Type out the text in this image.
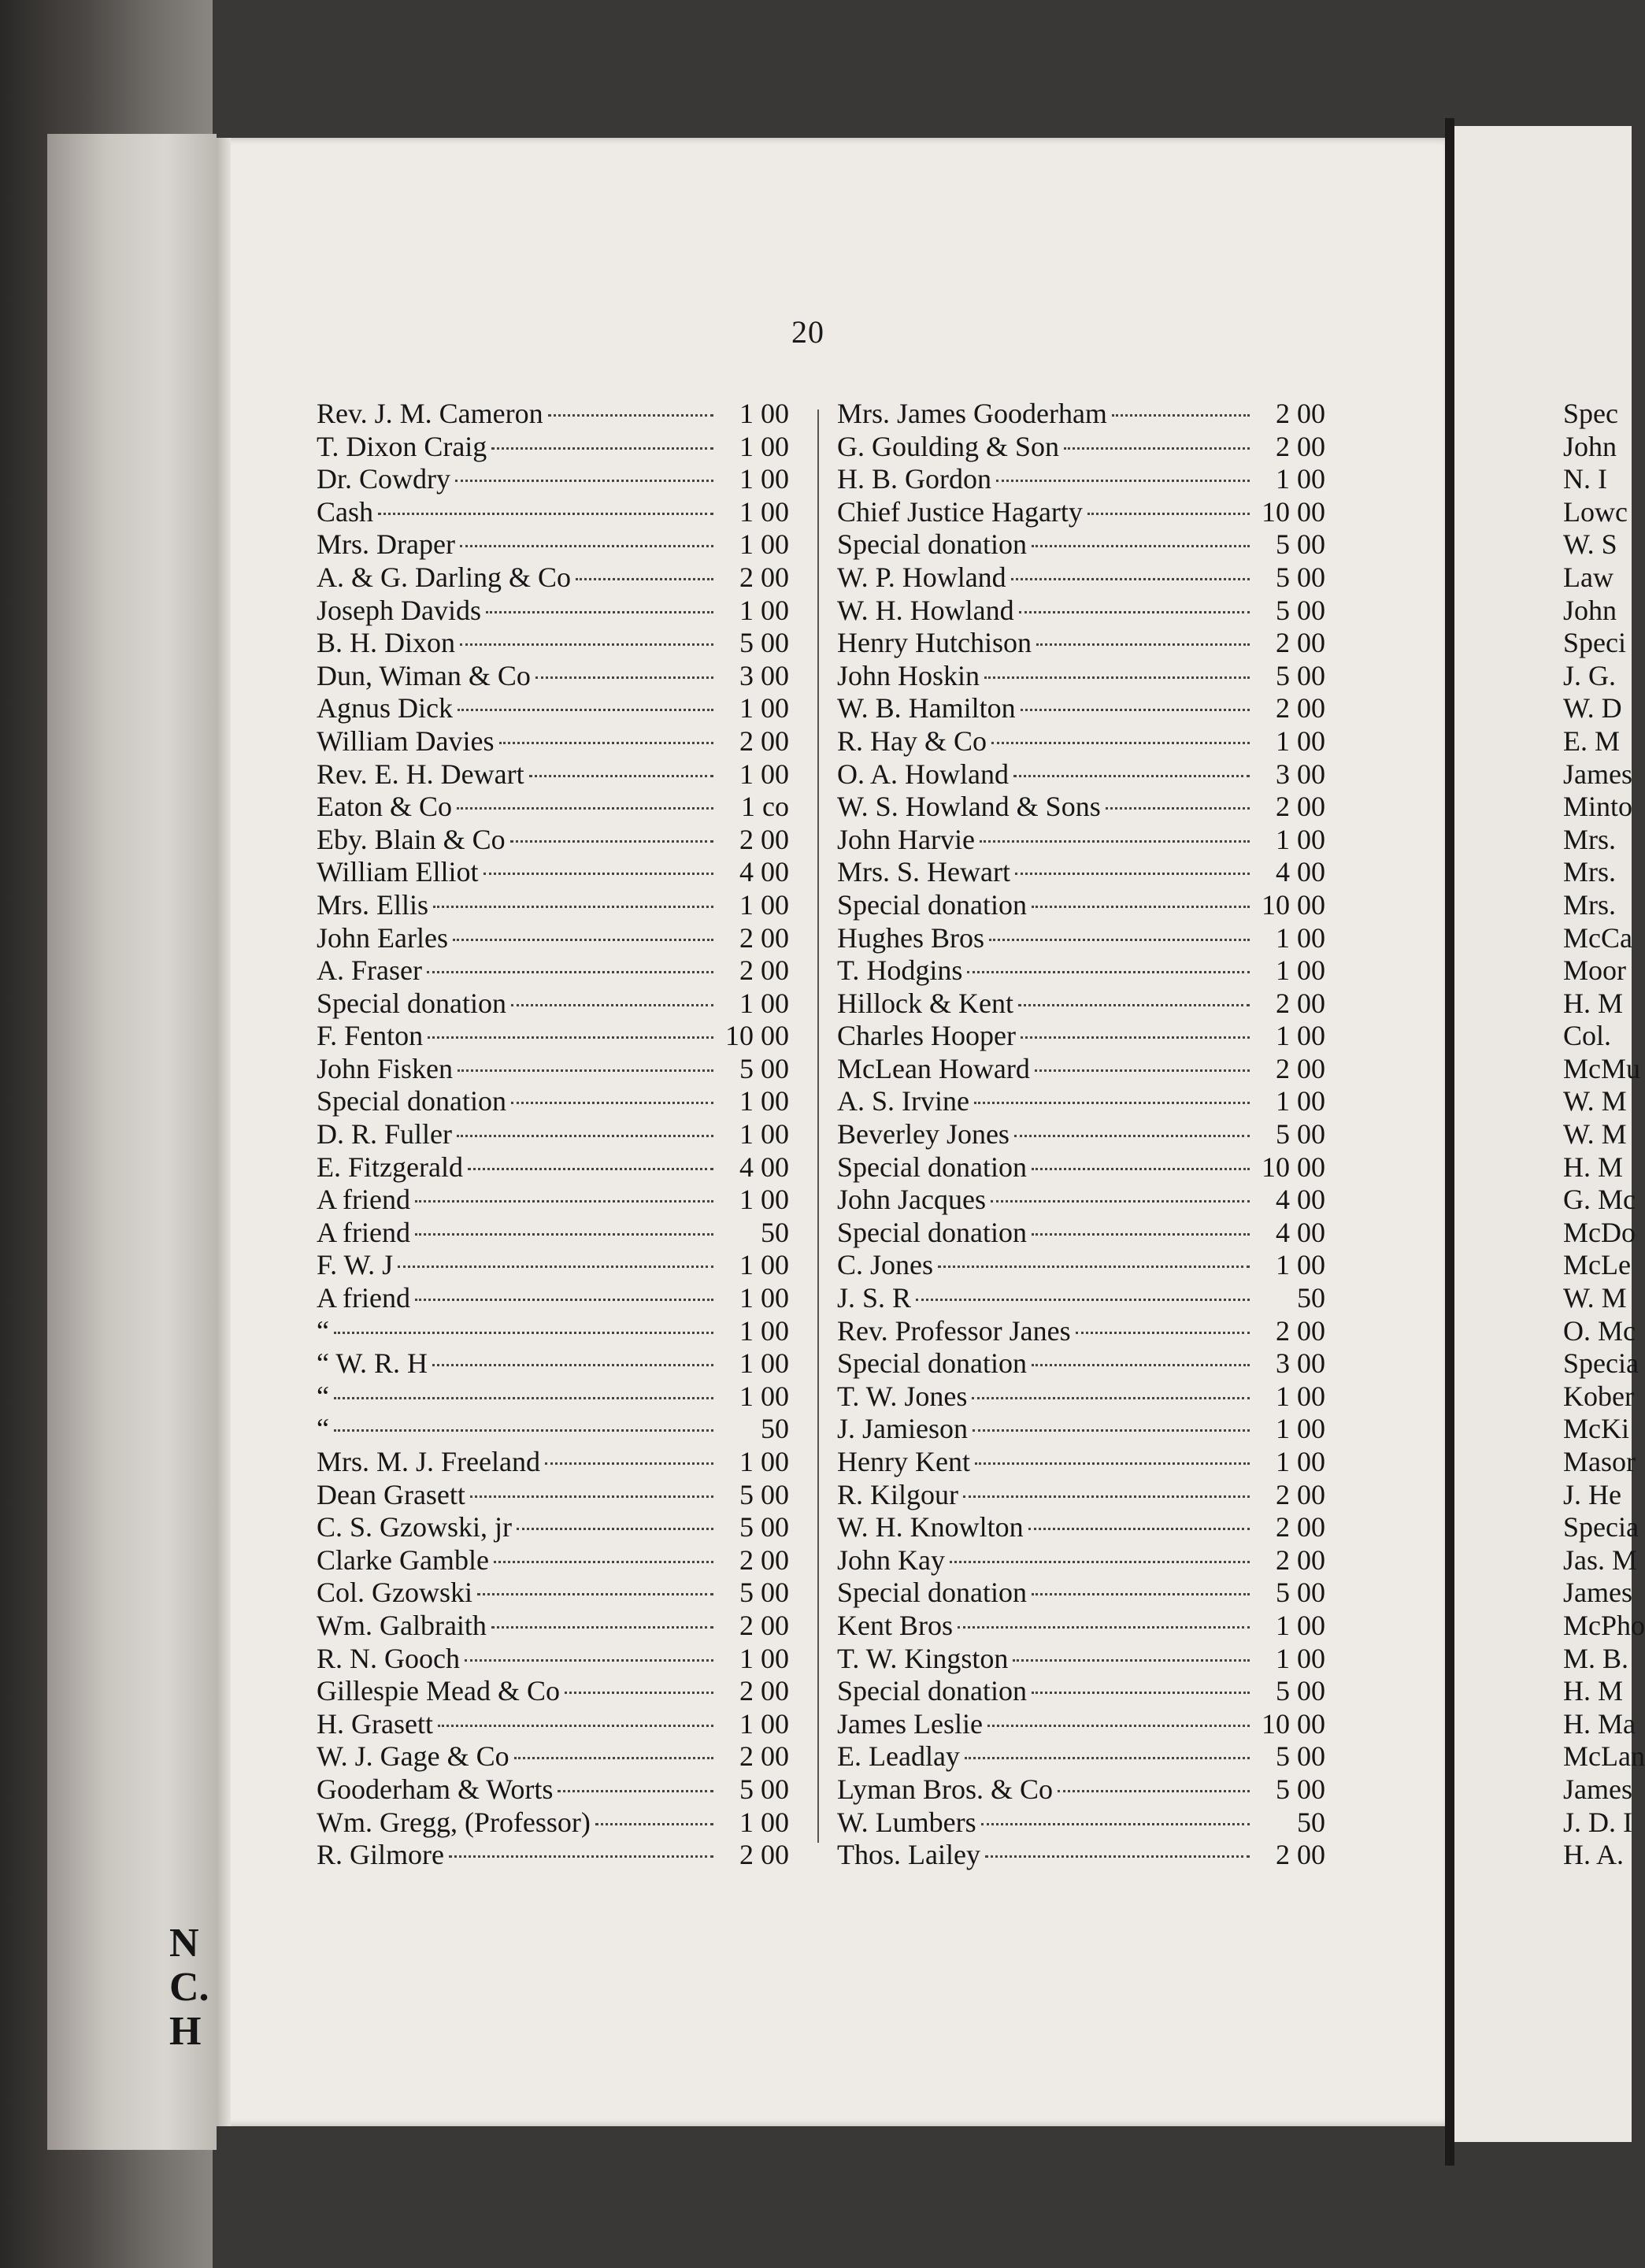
N
C.
H
20
Rev. J. M. Cameron	1 00
T. Dixon Craig	1 00
Dr. Cowdry	1 00
Cash	1 00
Mrs. Draper	1 00
A. & G. Darling & Co	2 00
Joseph Davids	1 00
B. H. Dixon	5 00
Dun, Wiman & Co	3 00
Agnus Dick	1 00
William Davies	2 00
Rev. E. H. Dewart	1 00
Eaton & Co	1 co
Eby. Blain & Co	2 00
William Elliot	4 00
Mrs. Ellis	1 00
John Earles	2 00
A. Fraser	2 00
Special donation	1 00
F. Fenton	10 00
John Fisken	5 00
Special donation	1 00
D. R. Fuller	1 00
E. Fitzgerald	4 00
A friend	1 00
A friend	50
F. W. J	1 00
A friend	1 00
“	1 00
“ W. R. H	1 00
“	1 00
“	50
Mrs. M. J. Freeland	1 00
Dean Grasett	5 00
C. S. Gzowski, jr	5 00
Clarke Gamble	2 00
Col. Gzowski	5 00
Wm. Galbraith	2 00
R. N. Gooch	1 00
Gillespie Mead & Co	2 00
H. Grasett	1 00
W. J. Gage & Co	2 00
Gooderham & Worts	5 00
Wm. Gregg, (Professor)	1 00
R. Gilmore	2 00
Mrs. James Gooderham	2 00
G. Goulding & Son	2 00
H. B. Gordon	1 00
Chief Justice Hagarty	10 00
Special donation	5 00
W. P. Howland	5 00
W. H. Howland	5 00
Henry Hutchison	2 00
John Hoskin	5 00
W. B. Hamilton	2 00
R. Hay & Co	1 00
O. A. Howland	3 00
W. S. Howland & Sons	2 00
John Harvie	1 00
Mrs. S. Hewart	4 00
Special donation	10 00
Hughes Bros	1 00
T. Hodgins	1 00
Hillock & Kent	2 00
Charles Hooper	1 00
McLean Howard	2 00
A. S. Irvine	1 00
Beverley Jones	5 00
Special donation	10 00
John Jacques	4 00
Special donation	4 00
C. Jones	1 00
J. S. R	50
Rev. Professor Janes	2 00
Special donation	3 00
T. W. Jones	1 00
J. Jamieson	1 00
Henry Kent	1 00
R. Kilgour	2 00
W. H. Knowlton	2 00
John Kay	2 00
Special donation	5 00
Kent Bros	1 00
T. W. Kingston	1 00
Special donation	5 00
James Leslie	10 00
E. Leadlay	5 00
Lyman Bros. & Co	5 00
W. Lumbers	50
Thos. Lailey	2 00
Spec
John
N. I
Lowc
W. S
Law
John
Speci
J. G.
W. D
E. M
James
Minto
Mrs.
Mrs.
Mrs.
McCa
Moor
H. M
Col.
McMu
W. M
W. M
H. M
G. Mc
McDo
McLe
W. M
O. Mc
Specia
Kober
McKi
Masor
J. He
Specia
Jas. M
James
McPho
M. B.
H. M
H. Ma
McLan
James
J. D. I
H. A.
